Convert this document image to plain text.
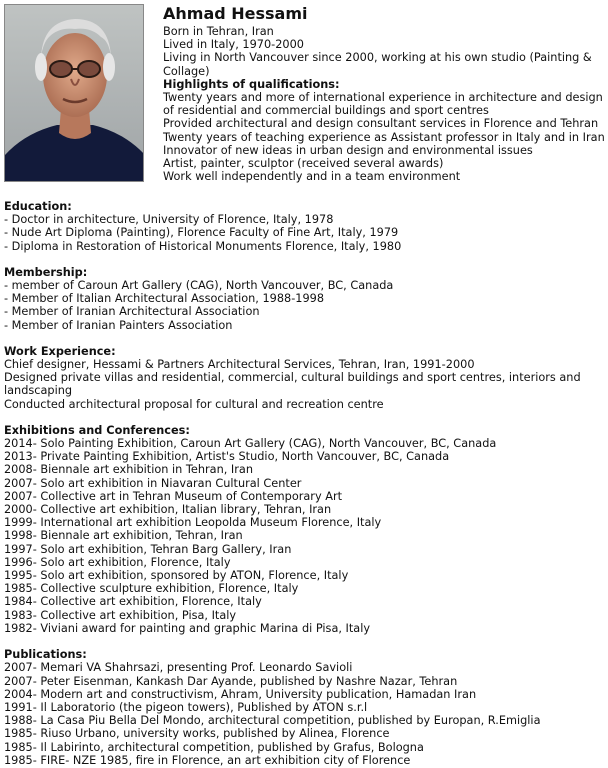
Ahmad Hessami
Born in Tehran, Iran
Lived in Italy, 1970-2000
Living in North Vancouver since 2000, working at his own studio (Painting & Collage)
Highlights of qualifications:
Twenty years and more of international experience in architecture and design of residential and commercial buildings and sport centres
Provided architectural and design consultant services in Florence and Tehran
Twenty years of teaching experience as Assistant professor in Italy and in Iran
Innovator of new ideas in urban design and environmental issues
Artist, painter, sculptor (received several awards)
Work well independently and in a team environment
Education:
- Doctor in architecture, University of Florence, Italy, 1978
- Nude Art Diploma (Painting), Florence Faculty of Fine Art, Italy, 1979
- Diploma in Restoration of Historical Monuments Florence, Italy, 1980
Membership:
- member of Caroun Art Gallery (CAG), North Vancouver, BC, Canada
- Member of Italian Architectural Association, 1988-1998
- Member of Iranian Architectural Association
- Member of Iranian Painters Association
Work Experience:
Chief designer, Hessami & Partners Architectural Services, Tehran, Iran, 1991-2000
Designed private villas and residential, commercial, cultural buildings and sport centres, interiors and landscaping
Conducted architectural proposal for cultural and recreation centre
Exhibitions and Conferences:
2014- Solo Painting Exhibition, Caroun Art Gallery (CAG), North Vancouver, BC, Canada
2013- Private Painting Exhibition, Artist's Studio, North Vancouver, BC, Canada
2008- Biennale art exhibition in Tehran, Iran
2007- Solo art exhibition in Niavaran Cultural Center
2007- Collective art in Tehran Museum of Contemporary Art
2000- Collective art exhibition, Italian library, Tehran, Iran
1999- International art exhibition Leopolda Museum Florence, Italy
1998- Biennale art exhibition, Tehran, Iran
1997- Solo art exhibition, Tehran Barg Gallery, Iran
1996- Solo art exhibition, Florence, Italy
1995- Solo art exhibition, sponsored by ATON, Florence, Italy
1985- Collective sculpture exhibition, Florence, Italy
1984- Collective art exhibition, Florence, Italy
1983- Collective art exhibition, Pisa, Italy
1982- Viviani award for painting and graphic Marina di Pisa, Italy
Publications:
2007- Memari VA Shahrsazi, presenting Prof. Leonardo Savioli
2007- Peter Eisenman, Kankash Dar Ayande, published by Nashre Nazar, Tehran
2004- Modern art and constructivism, Ahram, University publication, Hamadan Iran
1991- Il Laboratorio (the pigeon towers), Published by ATON s.r.l
1988- La Casa Piu Bella Del Mondo, architectural competition, published by Europan, R.Emiglia
1985- Riuso Urbano, university works, published by Alinea, Florence
1985- Il Labirinto, architectural competition, published by Grafus, Bologna
1985- FIRE- NZE 1985, fire in Florence, an art exhibition city of Florence
